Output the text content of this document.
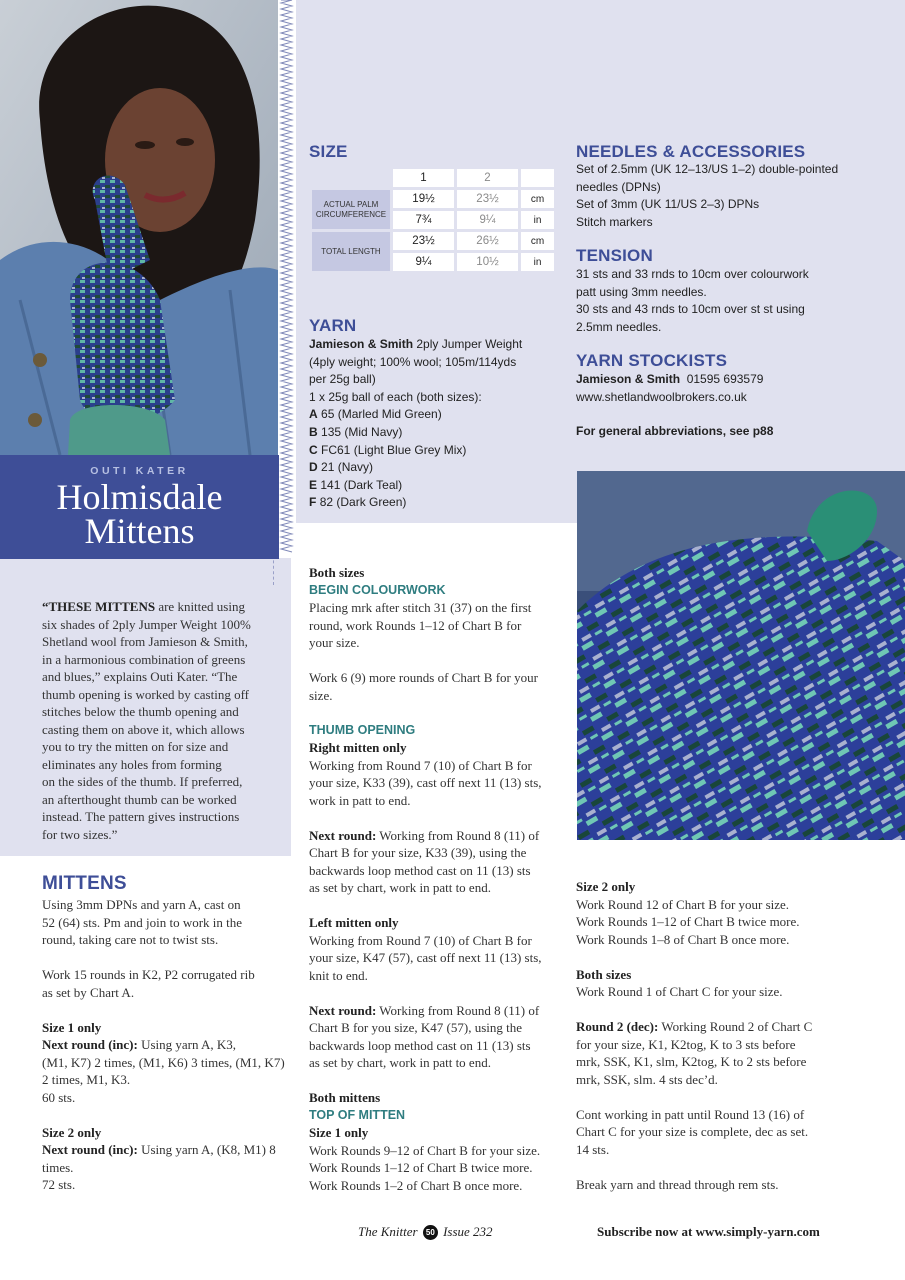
OUTI KATER
Holmisdale
Mittens
“THESE MITTENS are knitted using
six shades of 2ply Jumper Weight 100%
Shetland wool from Jamieson & Smith,
in a harmonious combination of greens
and blues,” explains Outi Kater. “The
thumb opening is worked by casting off
stitches below the thumb opening and
casting them on above it, which allows
you to try the mitten on for size and
eliminates any holes from forming
on the sides of the thumb. If preferred,
an afterthought thumb can be worked
instead. The pattern gives instructions
for two sizes.”
SIZE
	1	2	

ACTUAL PALM
CIRCUMFERENCE	19½	23½	cm
	7¾	9¼	in
TOTAL LENGTH	23½	26½	cm
	9¼	10½	in
YARN
Jamieson & Smith 2ply Jumper Weight
(4ply weight; 100% wool; 105m/114yds
per 25g ball)
1 x 25g ball of each (both sizes):
A 65 (Marled Mid Green)
B 135 (Mid Navy)
C FC61 (Light Blue Grey Mix)
D 21 (Navy)
E 141 (Dark Teal)
F 82 (Dark Green)
NEEDLES & ACCESSORIES
Set of 2.5mm (UK 12–13/US 1–2) double-pointed
needles (DPNs)
Set of 3mm (UK 11/US 2–3) DPNs
Stitch markers
TENSION
31 sts and 33 rnds to 10cm over colourwork
patt using 3mm needles.
30 sts and 43 rnds to 10cm over st st using
2.5mm needles.
YARN STOCKISTS
Jamieson & Smith 01595 693579
www.shetlandwoolbrokers.co.uk
For general abbreviations, see p88
MITTENS
Using 3mm DPNs and yarn A, cast on
52 (64) sts. Pm and join to work in the
round, taking care not to twist sts.
Work 15 rounds in K2, P2 corrugated rib
as set by Chart A.
Size 1 only
Next round (inc): Using yarn A, K3,
(M1, K7) 2 times, (M1, K6) 3 times, (M1, K7)
2 times, M1, K3.
60 sts.
Size 2 only
Next round (inc): Using yarn A, (K8, M1) 8
times.
72 sts.
Both sizes
BEGIN COLOURWORK
Placing mrk after stitch 31 (37) on the first
round, work Rounds 1–12 of Chart B for
your size.
Work 6 (9) more rounds of Chart B for your
size.
THUMB OPENING
Right mitten only
Working from Round 7 (10) of Chart B for
your size, K33 (39), cast off next 11 (13) sts,
work in patt to end.
Next round: Working from Round 8 (11) of
Chart B for your size, K33 (39), using the
backwards loop method cast on 11 (13) sts
as set by chart, work in patt to end.
Left mitten only
Working from Round 7 (10) of Chart B for
your size, K47 (57), cast off next 11 (13) sts,
knit to end.
Next round: Working from Round 8 (11) of
Chart B for you size, K47 (57), using the
backwards loop method cast on 11 (13) sts
as set by chart, work in patt to end.
Both mittens
TOP OF MITTEN
Size 1 only
Work Rounds 9–12 of Chart B for your size.
Work Rounds 1–12 of Chart B twice more.
Work Rounds 1–2 of Chart B once more.
Size 2 only
Work Round 12 of Chart B for your size.
Work Rounds 1–12 of Chart B twice more.
Work Rounds 1–8 of Chart B once more.
Both sizes
Work Round 1 of Chart C for your size.
Round 2 (dec): Working Round 2 of Chart C
for your size, K1, K2tog, K to 3 sts before
mrk, SSK, K1, slm, K2tog, K to 2 sts before
mrk, SSK, slm. 4 sts dec’d.
Cont working in patt until Round 13 (16) of
Chart C for your size is complete, dec as set.
14 sts.
Break yarn and thread through rem sts.
The Knitter 50 Issue 232	Subscribe now at www.simply-yarn.com
